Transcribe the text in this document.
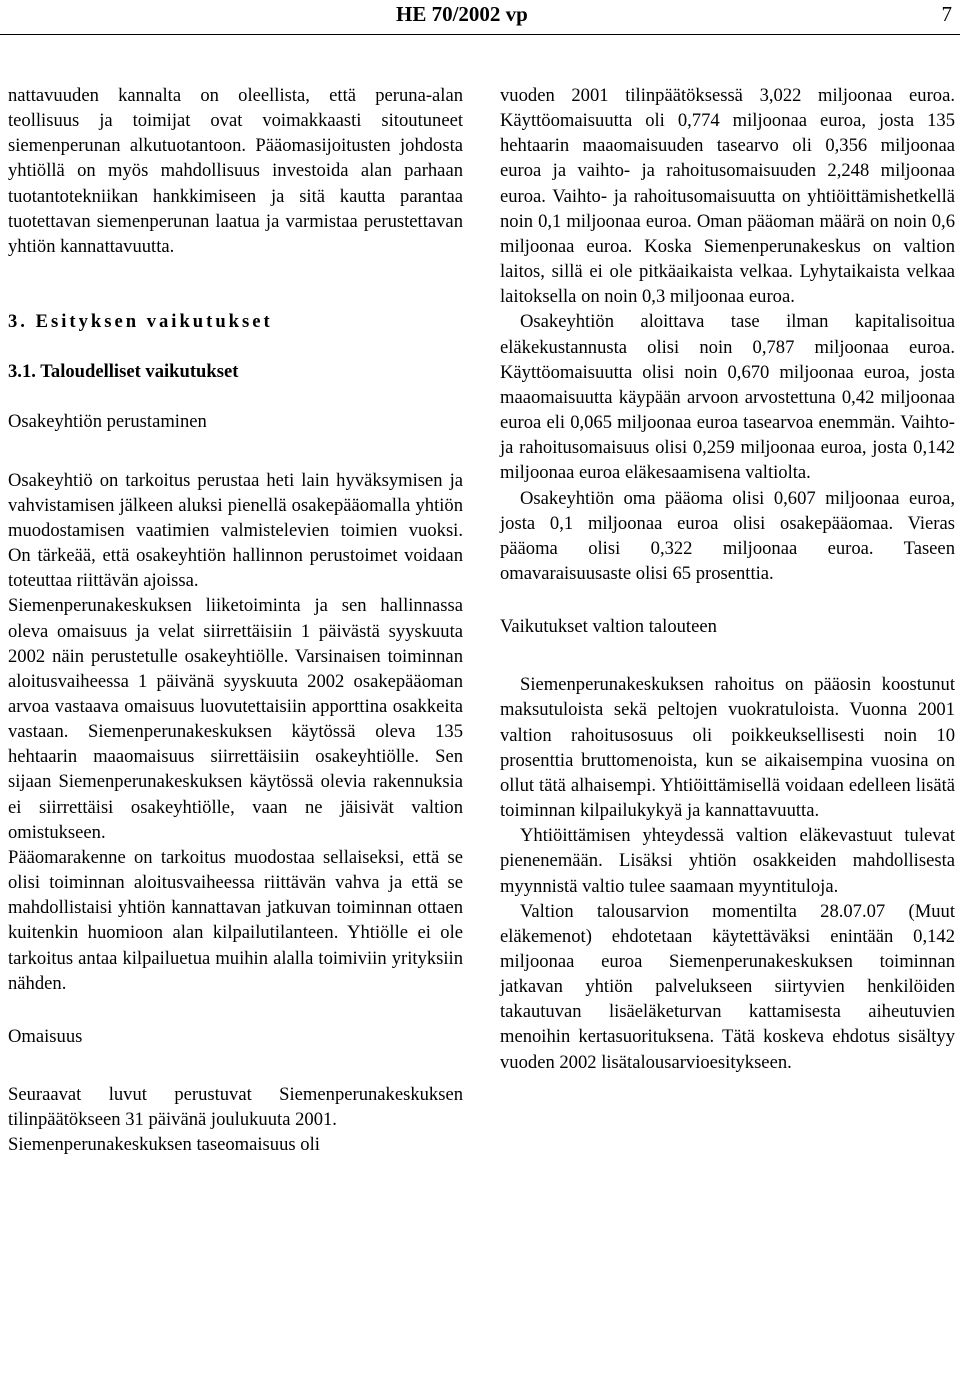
HE 70/2002 vp	7

nattavuuden kannalta on oleellista, että peruna-alan teollisuus ja toimijat ovat voimakkaasti sitoutuneet siemenperunan alkutuotantoon. Pääomasijoitusten johdosta yhtiöllä on myös mahdollisuus investoida alan parhaan tuotantotekniikan hankkimiseen ja sitä kautta parantaa tuotettavan siemenperunan laatua ja varmistaa perustettavan yhtiön kannattavuutta.

3. Esityksen vaikutukset
3.1. Taloudelliset vaikutukset

Osakeyhtiön perustaminen

Osakeyhtiö on tarkoitus perustaa heti lain hyväksymisen ja vahvistamisen jälkeen aluksi pienellä osakepääomalla yhtiön muodostamisen vaatimien valmistelevien toimien vuoksi. On tärkeää, että osakeyhtiön hallinnon perustoimet voidaan toteuttaa riittävän ajoissa.

Siemenperunakeskuksen liiketoiminta ja sen hallinnassa oleva omaisuus ja velat siirrettäisiin 1 päivästä syyskuuta 2002 näin perustetulle osakeyhtiölle. Varsinaisen toiminnan aloitusvaiheessa 1 päivänä syyskuuta 2002 osakepääoman arvoa vastaava omaisuus luovutettaisiin apporttina osakkeita vastaan. Siemenperunakeskuksen käytössä oleva 135 hehtaarin maaomaisuus siirrettäisiin osakeyhtiölle. Sen sijaan Siemenperunakeskuksen käytössä olevia rakennuksia ei siirrettäisi osakeyhtiölle, vaan ne jäisivät valtion omistukseen.

Pääomarakenne on tarkoitus muodostaa sellaiseksi, että se olisi toiminnan aloitusvaiheessa riittävän vahva ja että se mahdollistaisi yhtiön kannattavan jatkuvan toiminnan ottaen kuitenkin huomioon alan kilpailutilanteen. Yhtiölle ei ole tarkoitus antaa kilpailuetua muihin alalla toimiviin yrityksiin nähden.

Omaisuus

Seuraavat luvut perustuvat Siemenperunakeskuksen tilinpäätökseen 31 päivänä joulukuuta 2001.

Siemenperunakeskuksen taseomaisuus oli

vuoden 2001 tilinpäätöksessä 3,022 miljoonaa euroa. Käyttöomaisuutta oli 0,774 miljoonaa euroa, josta 135 hehtaarin maaomaisuuden tasearvo oli 0,356 miljoonaa euroa ja vaihto- ja rahoitusomaisuuden 2,248 miljoonaa euroa. Vaihto- ja rahoitusomaisuutta on yhtiöittämishetkellä noin 0,1 miljoonaa euroa. Oman pääoman määrä on noin 0,6 miljoonaa euroa. Koska Siemenperunakeskus on valtion laitos, sillä ei ole pitkäaikaista velkaa. Lyhytaikaista velkaa laitoksella on noin 0,3 miljoonaa euroa.

Osakeyhtiön aloittava tase ilman kapitalisoitua eläkekustannusta olisi noin 0,787 miljoonaa euroa. Käyttöomaisuutta olisi noin 0,670 miljoonaa euroa, josta maaomaisuutta käypään arvoon arvostettuna 0,42 miljoonaa euroa eli 0,065 miljoonaa euroa tasearvoa enemmän. Vaihto- ja rahoitusomaisuus olisi 0,259 miljoonaa euroa, josta 0,142 miljoonaa euroa eläkesaamisena valtiolta.

Osakeyhtiön oma pääoma olisi 0,607 miljoonaa euroa, josta 0,1 miljoonaa euroa olisi osakepääomaa. Vieras pääoma olisi 0,322 miljoonaa euroa. Taseen omavaraisuusaste olisi 65 prosenttia.

Vaikutukset valtion talouteen

Siemenperunakeskuksen rahoitus on pääosin koostunut maksutuloista sekä peltojen vuokratuloista. Vuonna 2001 valtion rahoitusosuus oli poikkeuksellisesti noin 10 prosenttia bruttomenoista, kun se aikaisempina vuosina on ollut tätä alhaisempi. Yhtiöittämisellä voidaan edelleen lisätä toiminnan kilpailukykyä ja kannattavuutta.

Yhtiöittämisen yhteydessä valtion eläkevastuut tulevat pienenemään. Lisäksi yhtiön osakkeiden mahdollisesta myynnistä valtio tulee saamaan myyntituloja.

Valtion talousarvion momentilta 28.07.07 (Muut eläkemenot) ehdotetaan käytettäväksi enintään 0,142 miljoonaa euroa Siemenperunakeskuksen toiminnan jatkavan yhtiön palvelukseen siirtyvien henkilöiden takautuvan lisäeläketurvan kattamisesta aiheutuvien menoihin kertasuorituksena. Tätä koskeva ehdotus sisältyy vuoden 2002 lisätalousarvioesitykseen.
